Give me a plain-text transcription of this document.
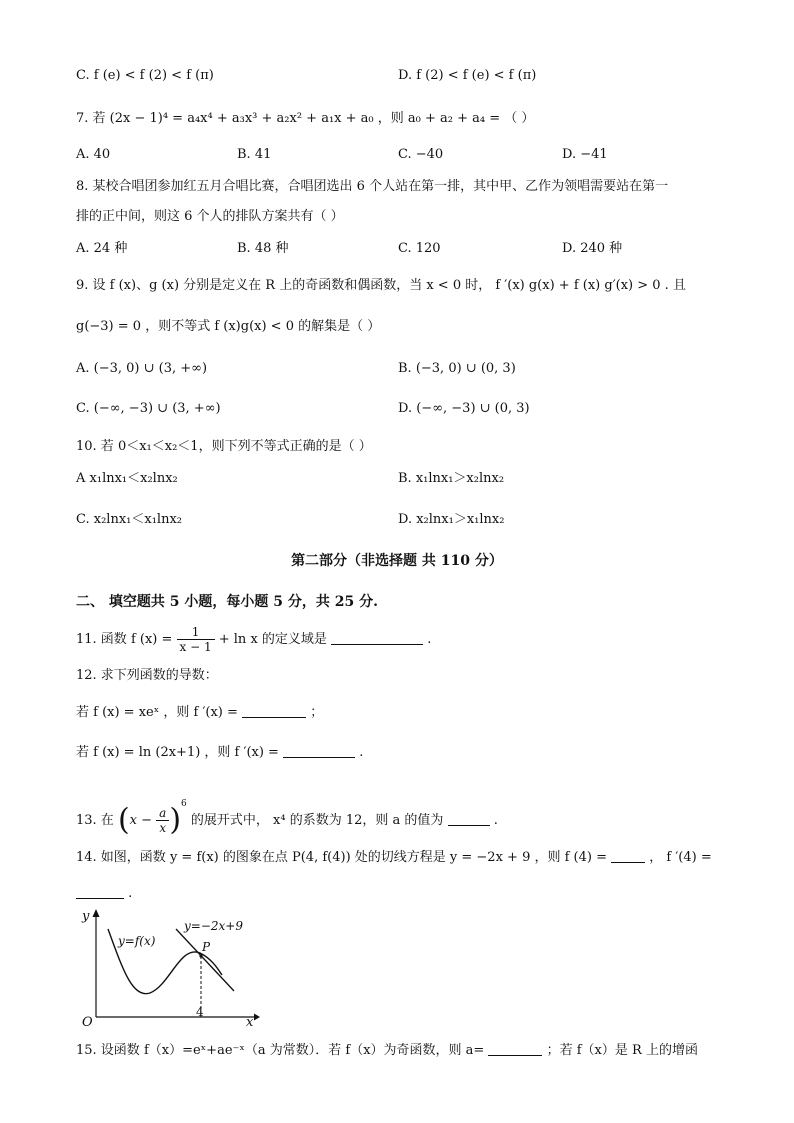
C. f (e) < f (2) < f (π)	D. f (2) < f (e) < f (π)
7. 若 (2x − 1)⁴ = a₄x⁴ + a₃x³ + a₂x² + a₁x + a₀ ，则 a₀ + a₂ + a₄ = （ ）
A. 40	B. 41	C. −40	D. −41
8. 某校合唱团参加红五月合唱比赛，合唱团选出 6 个人站在第一排，其中甲、乙作为领唱需要站在第一
排的正中间，则这 6 个人的排队方案共有（ ）
A. 24 种	B. 48 种	C. 120	D. 240 种
9. 设 f (x)、g (x) 分别是定义在 R 上的奇函数和偶函数，当 x < 0 时， f ′(x) g(x) + f (x) g′(x) > 0 . 且
g(−3) = 0 ，则不等式 f (x)g(x) < 0 的解集是（ ）
A. (−3, 0) ∪ (3, +∞)	B. (−3, 0) ∪ (0, 3)
C. (−∞, −3) ∪ (3, +∞)	D. (−∞, −3) ∪ (0, 3)
10. 若 0＜x₁＜x₂＜1，则下列不等式正确的是（ ）
A x₁lnx₁＜x₂lnx₂	B. x₁lnx₁＞x₂lnx₂
C. x₂lnx₁＜x₁lnx₂	D. x₂lnx₁＞x₁lnx₂
第二部分（非选择题 共 110 分）
二、 填空题共 5 小题，每小题 5 分，共 25 分.
11. 函数 f $(x) = \frac{1}{x - 1} + \ln x$ 的定义域是	.
12. 求下列函数的导数：
若 f (x) = xeˣ ，则 f ′(x) =	；
若 f (x) = ln (2x+1) ，则 f ′(x) =	.
13. 在 $(x - \frac{a}{x} )^6$ 的展开式中， x⁴ 的系数为 12，则 a 的值为	.
14. 如图，函数 y = f(x) 的图象在点 P(4, f(4)) 处的切线方程是 y = −2x + 9 ，则 f (4) =	， f ′(4) =
.
y
x
O
y=f(x)
y=−2x+9
P
4
15. 设函数 f（x）=eˣ+ae⁻ˣ（a 为常数）．若 f（x）为奇函数，则 a=	；若 f（x）是 R 上的增函
